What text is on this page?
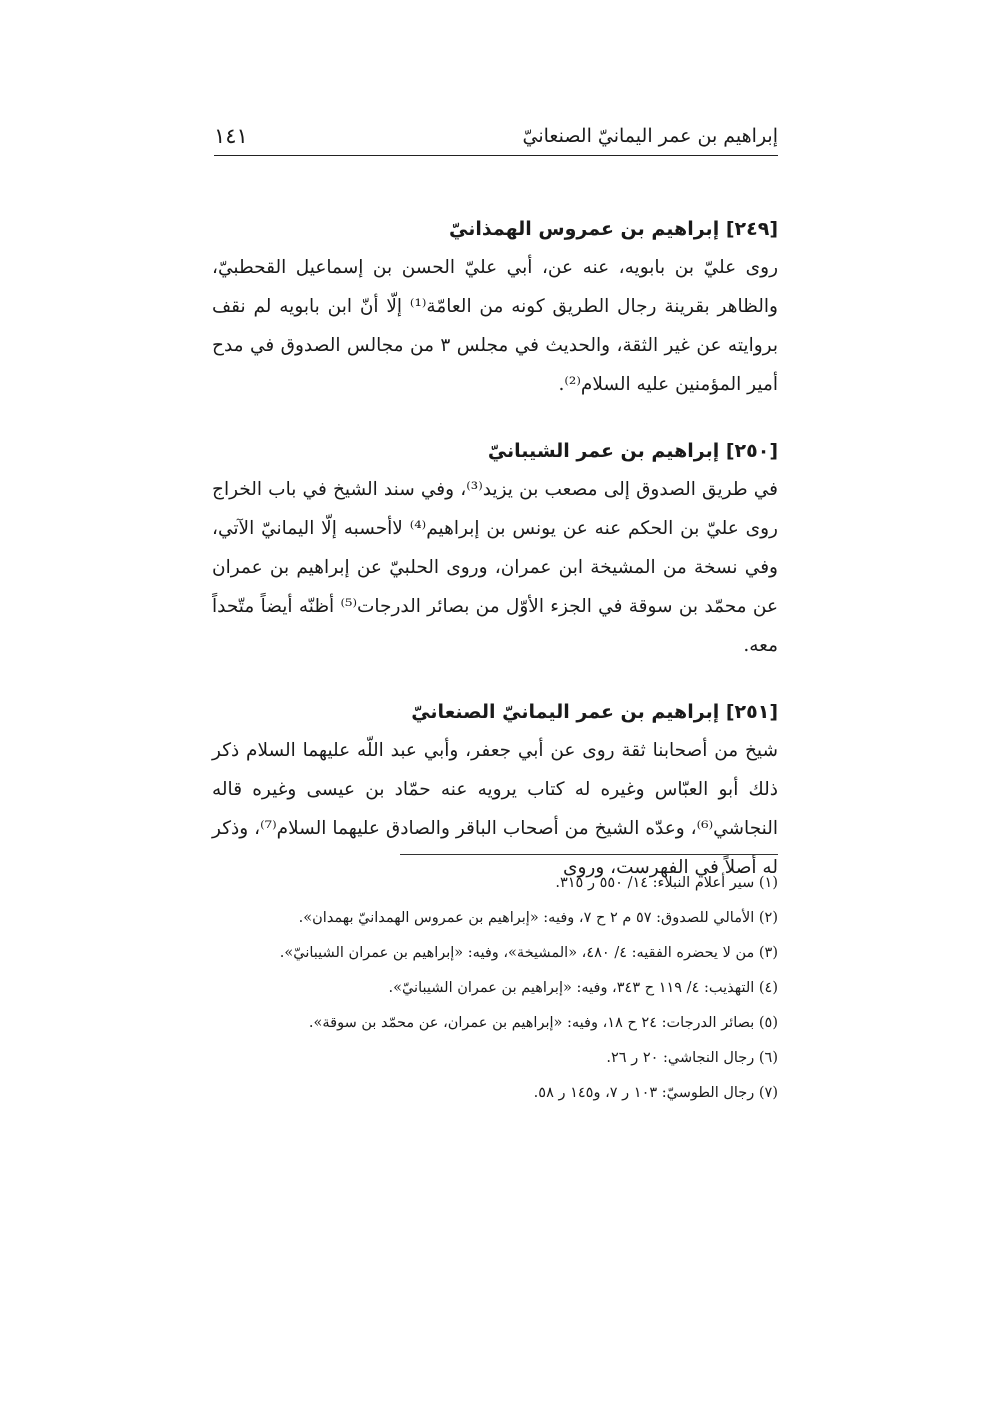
إبراهيم بن عمر اليمانيّ الصنعانيّ
١٤١
[٢٤٩] إبراهيم بن عمروس الهمذانيّ

روى عليّ بن بابويه، عنه عن، أبي عليّ الحسن بن إسماعيل القحطبيّ، والظاهر بقرينة رجال الطريق كونه من العامّة⁽¹⁾ إلّا أنّ ابن بابويه لم نقف بروايته عن غير الثقة، والحديث في مجلس ٣ من مجالس الصدوق في مدح أمير المؤمنين عليه السلام⁽²⁾.

[٢٥٠] إبراهيم بن عمر الشيبانيّ

في طريق الصدوق إلى مصعب بن يزيد⁽³⁾، وفي سند الشيخ في باب الخراج روى عليّ بن الحكم عنه عن يونس بن إبراهيم⁽⁴⁾ لاأحسبه إلّا اليمانيّ الآتي، وفي نسخة من المشيخة ابن عمران، وروى الحلبيّ عن إبراهيم بن عمران عن محمّد بن سوقة في الجزء الأوّل من بصائر الدرجات⁽⁵⁾ أظنّه أيضاً متّحداً معه.

[٢٥١] إبراهيم بن عمر اليمانيّ الصنعانيّ

شيخ من أصحابنا ثقة روى عن أبي جعفر، وأبي عبد اللّه عليهما السلام ذكر ذلك أبو العبّاس وغيره له كتاب يرويه عنه حمّاد بن عيسى وغيره قاله النجاشي⁽⁶⁾، وعدّه الشيخ من أصحاب الباقر والصادق عليهما السلام⁽⁷⁾، وذكر له أصلاً في الفهرست، وروى

(١) سير أعلام النبلاء: ١٤/ ٥٥٠ ر ٣١٥.
(٢) الأمالي للصدوق: ٥٧ م ٢ ح ٧، وفيه: «إبراهيم بن عمروس الهمدانيّ بهمدان».
(٣) من لا يحضره الفقيه: ٤/ ٤٨٠، «المشيخة»، وفيه: «إبراهيم بن عمران الشيبانيّ».
(٤) التهذيب: ٤/ ١١٩ ح ٣٤٣، وفيه: «إبراهيم بن عمران الشيبانيّ».
(٥) بصائر الدرجات: ٢٤ ح ١٨، وفيه: «إبراهيم بن عمران، عن محمّد بن سوقة».
(٦) رجال النجاشي: ٢٠ ر ٢٦.
(٧) رجال الطوسيّ: ١٠٣ ر ٧، و١٤٥ ر ٥٨.
